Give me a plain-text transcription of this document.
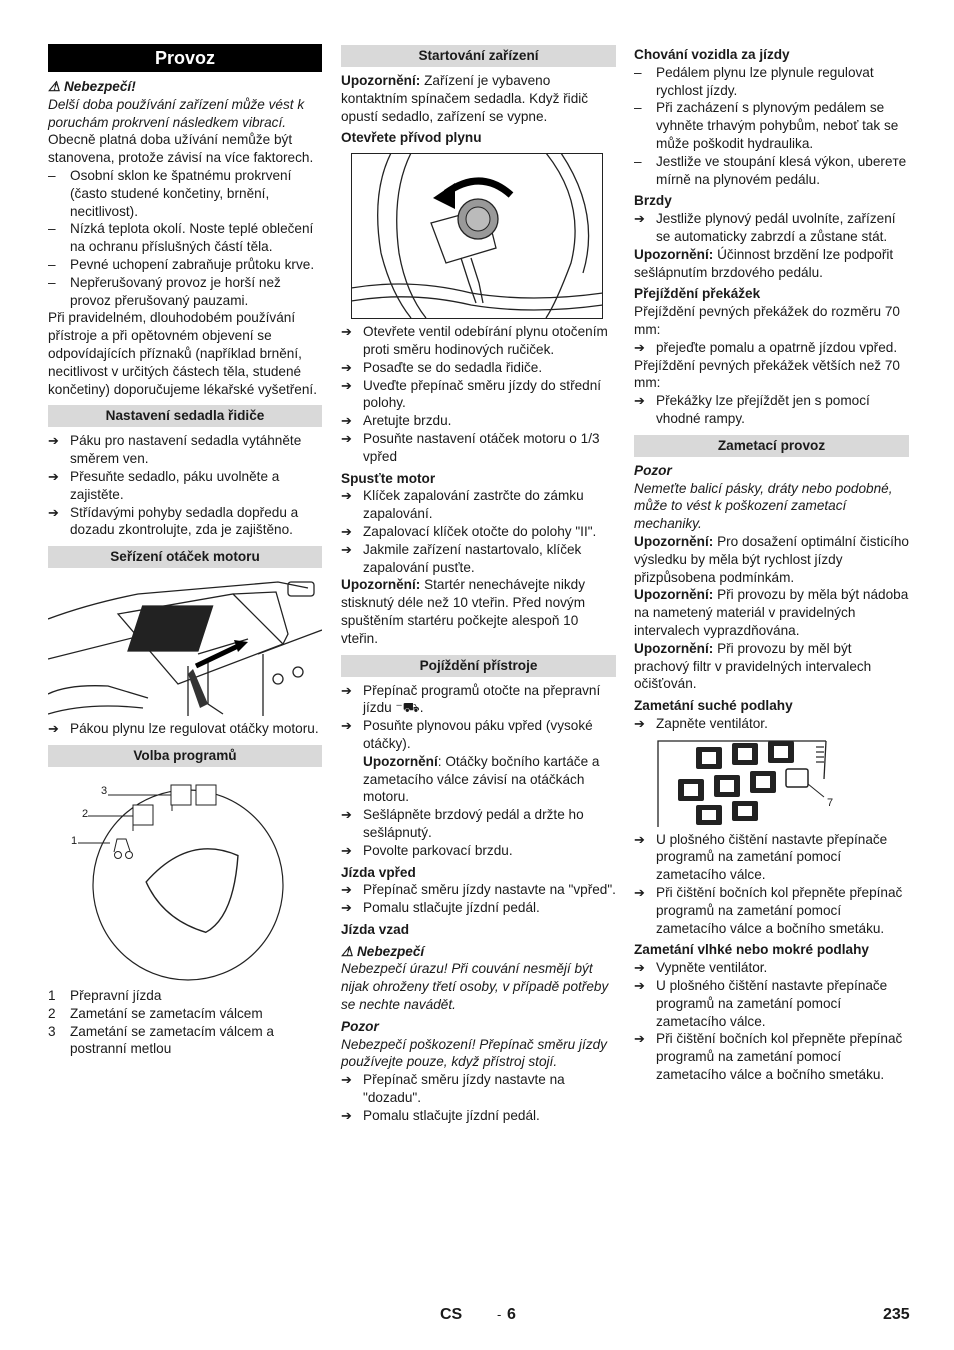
Provoz
⚠ Nebezpečí!

Delší doba používání zařízení může vést k poruchám prokrvení následkem vibrací.

Obecně platná doba užívání nemůže být stanovena, protože závisí na více faktorech.

–	Osobní sklon ke špatnému prokrvení (často studené končetiny, brnění, necitlivost).
–	Nízká teplota okolí. Noste teplé oblečení na ochranu příslušných částí těla.
–	Pevné uchopení zabraňuje průtoku krve.
–	Nepřerušovaný provoz je horší než provoz přerušovaný pauzami.

Při pravidelném, dlouhodobém používání přístroje a při opětovném objevení se odpovídajících příznaků (například brnění, necitlivost v určitých částech těla, studené končetiny) doporučujeme lékařské vyšetření.

Nastavení sedadla řidiče
➔ Páku pro nastavení sedadla vytáhněte směrem ven.
➔ Přesuňte sedadlo, páku uvolněte a zajistěte.
➔ Střídavými pohyby sedadla dopředu a dozadu zkontrolujte, zda je zajištěno.
Seřízení otáček motoru
➔ Pákou plynu lze regulovat otáčky motoru.
Volba programů
3
2
1
1	Přepravní jízda
2	Zametání se zametacím válcem
3	Zametání se zametacím válcem a postranní metlou
Startování zařízení

Upozornění: Zařízení je vybaveno kontaktním spínačem sedadla. Když řidič opustí sedadlo, zařízení se vypne.

Otevřete přívod plynu

➔ Otevřete ventil odebírání plynu otočením proti směru hodinových ručiček.
➔ Posaďte se do sedadla řidiče.
➔ Uveďte přepínač směru jízdy do střední polohy.
➔ Aretujte brzdu.
➔ Posuňte nastavení otáček motoru o 1/3 vpřed

Spusťte motor

➔ Klíček zapalování zastrčte do zámku zapalování.
➔ Zapalovací klíček otočte do polohy "II".
➔ Jakmile zařízení nastartovalo, klíček zapalování pusťte.

Upozornění: Startér nenechávejte nikdy stisknutý déle než 10 vteřin. Před novým spuštěním startéru počkejte alespoň 10 vteřin.

Pojíždění přístroje
➔ Přepínač programů otočte na přepravní jízdu ⁻⛟.
➔ Posuňte plynovou páku vpřed (vysoké otáčky).

Upozornění: Otáčky bočního kartáče a zametacího válce závisí na otáčkách motoru.

➔ Sešlápněte brzdový pedál a držte ho sešlápnutý.
➔ Povolte parkovací brzdu.

Jízda vpřed

➔ Přepínač směru jízdy nastavte na "vpřed".
➔ Pomalu stlačujte jízdní pedál.

Jízda vzad

⚠ Nebezpečí

Nebezpečí úrazu! Při couvání nesmějí být nijak ohroženy třetí osoby, v případě potřeby se nechte navádět.

Pozor

Nebezpečí poškození! Přepínač směru jízdy používejte pouze, když přístroj stojí.

➔ Přepínač směru jízdy nastavte na "dozadu".
➔ Pomalu stlačujte jízdní pedál.

Chování vozidla za jízdy

–	Pedálem plynu lze plynule regulovat rychlost jízdy.
–	Při zacházení s plynovým pedálem se vyhněte trhavým pohybům, neboť tak se může poškodit hydraulika.
–	Jestliže ve stoupání klesá výkon, ubereте mírně na plynovém pedálu.

Brzdy

➔ Jestliže plynový pedál uvolníte, zařízení se automaticky zabrzdí a zůstane stát.

Upozornění: Účinnost brzdění lze podpořit sešlápnutím brzdového pedálu.

Přejíždění překážek

Přejíždění pevných překážek do rozměru 70 mm:

➔ přejeďte pomalu a opatrně jízdou vpřed.

Přejíždění pevných překážek větších než 70 mm:

➔ Překážky lze přejíždět jen s pomocí vhodné rampy.
Zametací provoz

Pozor

Nemeťte balicí pásky, dráty nebo podobné, může to vést k poškození zametací mechaniky.

Upozornění: Pro dosažení optimální čisticího výsledku by měla být rychlost jízdy přizpůsobena podmínkám.

Upozornění: Při provozu by měla být nádoba na nametený materiál v pravidelných intervalech vyprazdňována.

Upozornění: Při provozu by měl být prachový filtr v pravidelných intervalech očišťován.

Zametání suché podlahy

➔ Zapněte ventilátor.
7
➔ U plošného čištění nastavte přepínače programů na zametání pomocí zametacího válce.
➔ Při čištění bočních kol přepněte přepínač programů na zametání pomocí zametacího válce a bočního smetáku.

Zametání vlhké nebo mokré podlahy

➔ Vypněte ventilátor.
➔ U plošného čištění nastavte přepínače programů na zametání pomocí zametacího válce.
➔ Při čištění bočních kol přepněte přepínač programů na zametání pomocí zametacího válce a bočního smetáku.
CS	- 6	235
